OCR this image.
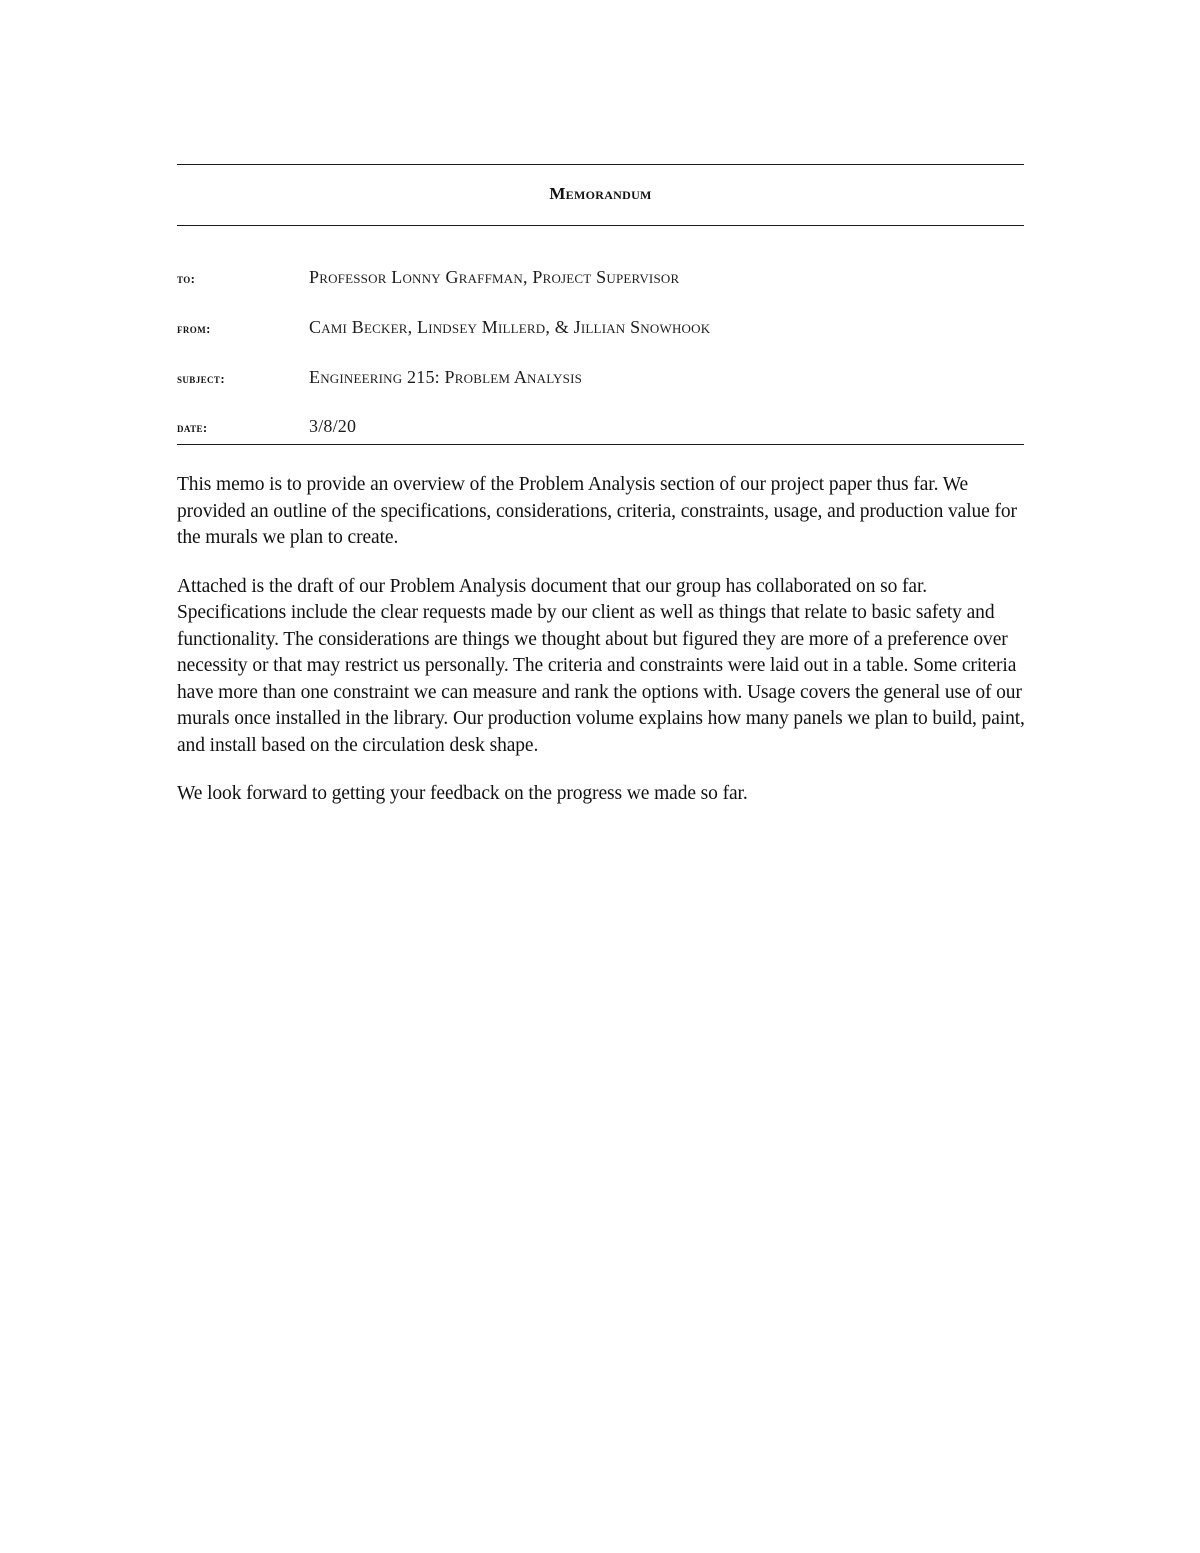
Memorandum
to:	Professor Lonny Graffman, Project Supervisor
from:	Cami Becker, Lindsey Millerd, & Jillian Snowhook
subject:	Engineering 215: Problem Analysis
date:	3/8/20

This memo is to provide an overview of the Problem Analysis section of our project paper thus far. We provided an outline of the specifications, considerations, criteria, constraints, usage, and production value for the murals we plan to create.

Attached is the draft of our Problem Analysis document that our group has collaborated on so far. Specifications include the clear requests made by our client as well as things that relate to basic safety and functionality. The considerations are things we thought about but figured they are more of a preference over necessity or that may restrict us personally. The criteria and constraints were laid out in a table. Some criteria have more than one constraint we can measure and rank the options with. Usage covers the general use of our murals once installed in the library. Our production volume explains how many panels we plan to build, paint, and install based on the circulation desk shape.

We look forward to getting your feedback on the progress we made so far.
